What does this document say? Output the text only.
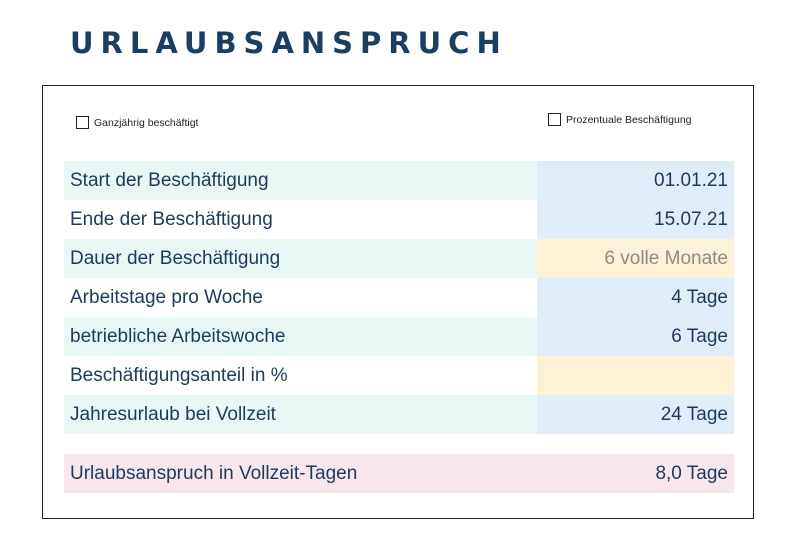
URLAUBSANSPRUCH
Ganzjährig beschäftigt	Prozentuale Beschäftigung
Start der Beschäftigung	01.01.21
Ende der Beschäftigung	15.07.21
Dauer der Beschäftigung	6 volle Monate
Arbeitstage pro Woche	4 Tage
betriebliche Arbeitswoche	6 Tage
Beschäftigungsanteil in %
Jahresurlaub bei Vollzeit	24 Tage
Urlaubsanspruch in Vollzeit-Tagen	8,0 Tage
